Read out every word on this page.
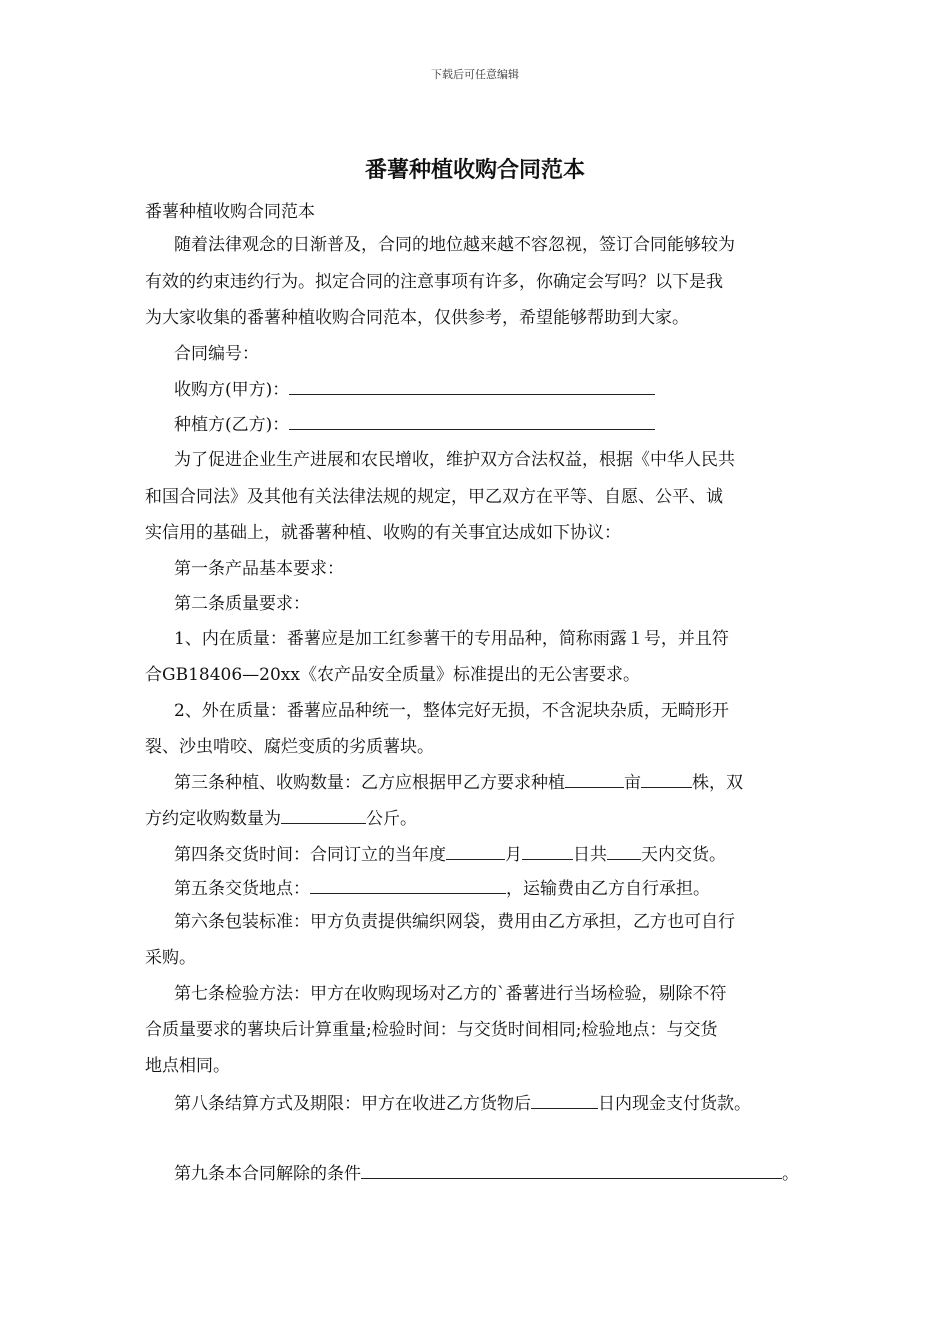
下载后可任意编辑
番薯种植收购合同范本
番薯种植收购合同范本
随着法律观念的日渐普及，合同的地位越来越不容忽视，签订合同能够较为
有效的约束违约行为。拟定合同的注意事项有许多，你确定会写吗？以下是我
为大家收集的番薯种植收购合同范本，仅供参考，希望能够帮助到大家。
合同编号：
收购方(甲方)：
种植方(乙方)：
为了促进企业生产进展和农民增收，维护双方合法权益，根据《中华人民共
和国合同法》及其他有关法律法规的规定，甲乙双方在平等、自愿、公平、诚
实信用的基础上，就番薯种植、收购的有关事宜达成如下协议：
第一条产品基本要求：
第二条质量要求：
1、内在质量：番薯应是加工红参薯干的专用品种，简称雨露１号，并且符
合GB18406—20xx《农产品安全质量》标准提出的无公害要求。
2、外在质量：番薯应品种统一，整体完好无损，不含泥块杂质，无畸形开
裂、沙虫啃咬、腐烂变质的劣质薯块。
第三条种植、收购数量：乙方应根据甲乙方要求种植	亩	株，双
方约定收购数量为	公斤。
第四条交货时间：合同订立的当年度	月	日共 天内交货。
第五条交货地点：	，运输费由乙方自行承担。
第六条包装标准：甲方负责提供编织网袋，费用由乙方承担，乙方也可自行
采购。
第七条检验方法：甲方在收购现场对乙方的`番薯进行当场检验，剔除不符
合质量要求的薯块后计算重量;检验时间：与交货时间相同;检验地点：与交货
地点相同。
第八条结算方式及期限：甲方在收进乙方货物后	日内现金支付货款。
第九条本合同解除的条件	。
